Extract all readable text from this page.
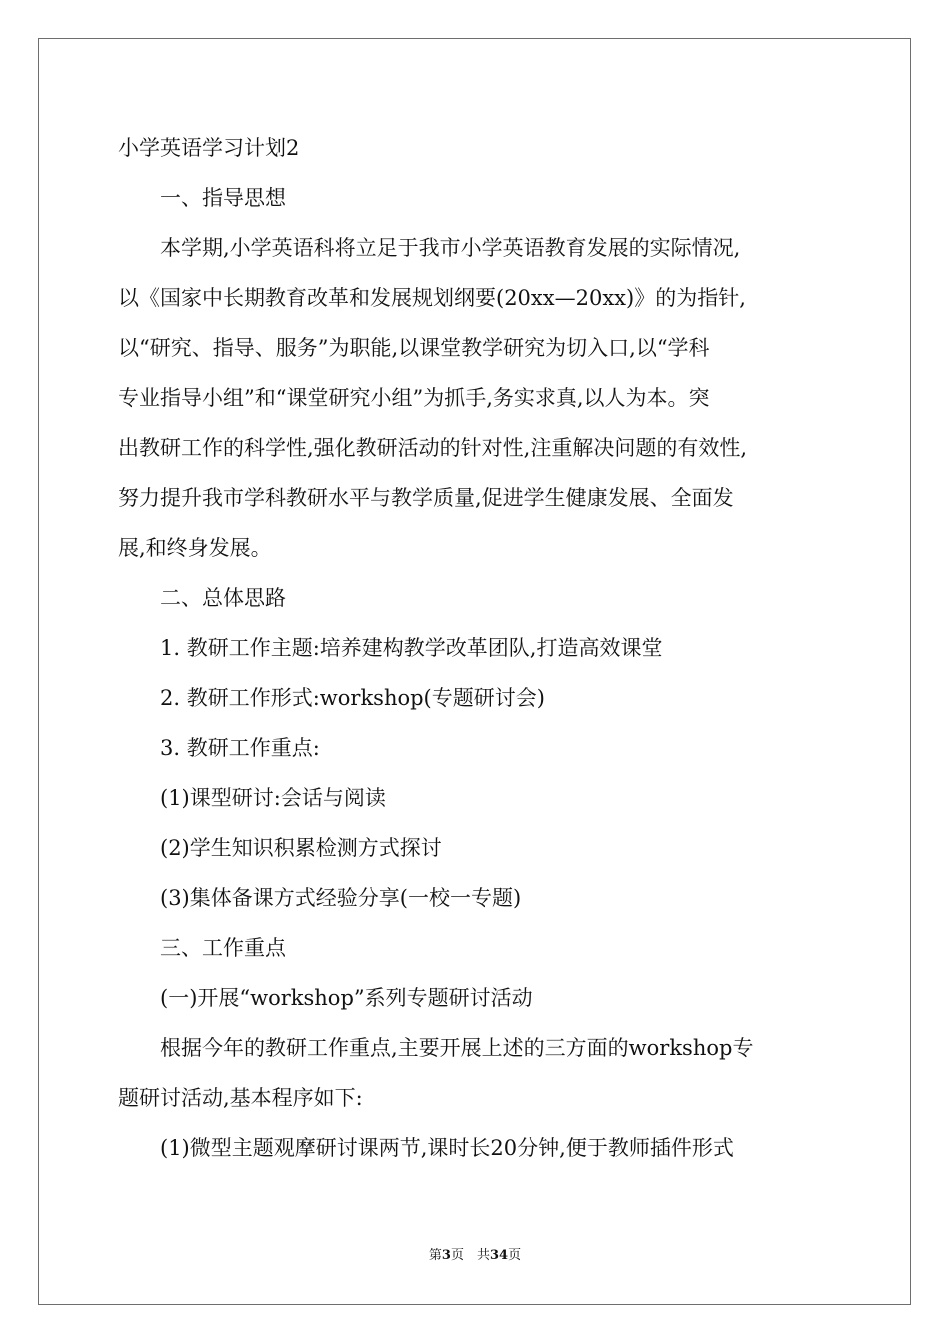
小学英语学习计划2
一、指导思想
本学期,小学英语科将立足于我市小学英语教育发展的实际情况,
以《国家中长期教育改革和发展规划纲要(20xx—20xx)》的为指针,
以“研究、指导、服务”为职能,以课堂教学研究为切入口,以“学科
专业指导小组”和“课堂研究小组”为抓手,务实求真,以人为本。突
出教研工作的科学性,强化教研活动的针对性,注重解决问题的有效性,
努力提升我市学科教研水平与教学质量,促进学生健康发展、全面发
展,和终身发展。
二、总体思路
1. 教研工作主题:培养建构教学改革团队,打造高效课堂
2. 教研工作形式:workshop(专题研讨会)
3. 教研工作重点:
(1)课型研讨:会话与阅读
(2)学生知识积累检测方式探讨
(3)集体备课方式经验分享(一校一专题)
三、工作重点
(一)开展“workshop”系列专题研讨活动
根据今年的教研工作重点,主要开展上述的三方面的workshop专
题研讨活动,基本程序如下:
(1)微型主题观摩研讨课两节,课时长20分钟,便于教师插件形式
第3页　共34页
